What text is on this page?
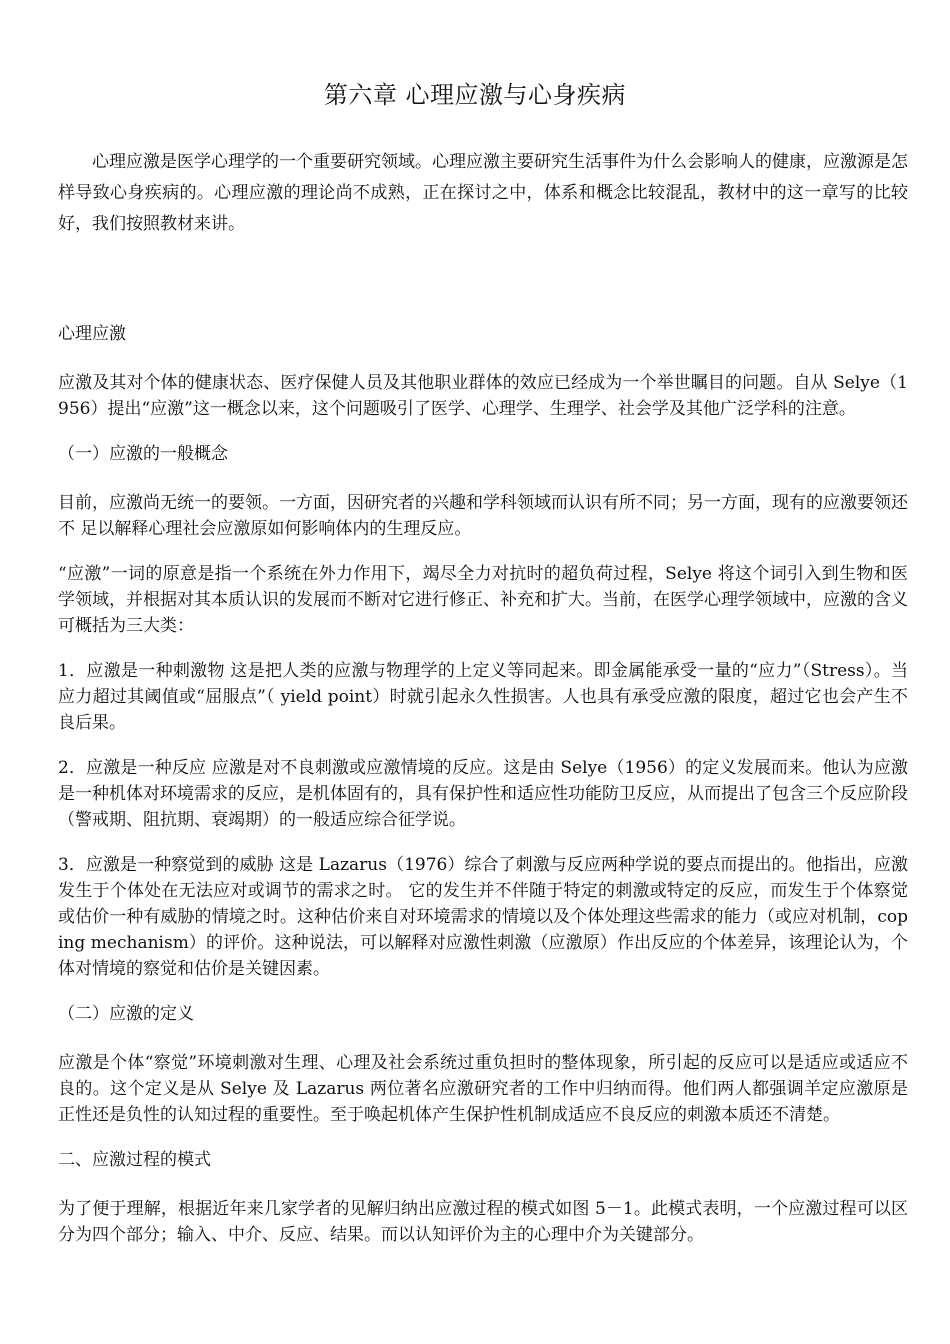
第六章 心理应激与心身疾病

心理应激是医学心理学的一个重要研究领域。心理应激主要研究生活事件为什么会影响人的健康，应激源是怎样导致心身疾病的。心理应激的理论尚不成熟，正在探讨之中，体系和概念比较混乱，教材中的这一章写的比较好，我们按照教材来讲。

心理应激

应激及其对个体的健康状态、医疗保健人员及其他职业群体的效应已经成为一个举世瞩目的问题。自从 Selye（1956）提出“应激”这一概念以来，这个问题吸引了医学、心理学、生理学、社会学及其他广泛学科的注意。

（一）应激的一般概念

目前，应激尚无统一的要领。一方面，因研究者的兴趣和学科领域而认识有所不同；另一方面，现有的应激要领还不 足以解释心理社会应激原如何影响体内的生理反应。

“应激”一词的原意是指一个系统在外力作用下，竭尽全力对抗时的超负荷过程，Selye 将这个词引入到生物和医学领域，并根据对其本质认识的发展而不断对它进行修正、补充和扩大。当前，在医学心理学领域中，应激的含义可概括为三大类：

1．应激是一种刺激物 这是把人类的应激与物理学的上定义等同起来。即金属能承受一量的“应力”（Stress）。当应力超过其阈值或“屈服点”（ yield point）时就引起永久性损害。人也具有承受应激的限度，超过它也会产生不良后果。

2．应激是一种反应 应激是对不良刺激或应激情境的反应。这是由 Selye（1956）的定义发展而来。他认为应激是一种机体对环境需求的反应，是机体固有的，具有保护性和适应性功能防卫反应，从而提出了包含三个反应阶段（警戒期、阻抗期、衰竭期）的一般适应综合征学说。

3．应激是一种察觉到的威胁 这是 Lazarus（1976）综合了刺激与反应两种学说的要点而提出的。他指出，应激发生于个体处在无法应对或调节的需求之时。 它的发生并不伴随于特定的刺激或特定的反应，而发生于个体察觉或估价一种有威胁的情境之时。这种估价来自对环境需求的情境以及个体处理这些需求的能力（或应对机制，coping mechanism）的评价。这种说法，可以解释对应激性刺激（应激原）作出反应的个体差异，该理论认为，个体对情境的察觉和估价是关键因素。

（二）应激的定义

应激是个体“察觉”环境刺激对生理、心理及社会系统过重负担时的整体现象，所引起的反应可以是适应或适应不良的。这个定义是从 Selye 及 Lazarus 两位著名应激研究者的工作中归纳而得。他们两人都强调羊定应激原是正性还是负性的认知过程的重要性。至于唤起机体产生保护性机制成适应不良反应的刺激本质还不清楚。

二、应激过程的模式

为了便于理解，根据近年来几家学者的见解归纳出应激过程的模式如图 5－1。此模式表明，一个应激过程可以区分为四个部分；输入、中介、反应、结果。而以认知评价为主的心理中介为关键部分。
